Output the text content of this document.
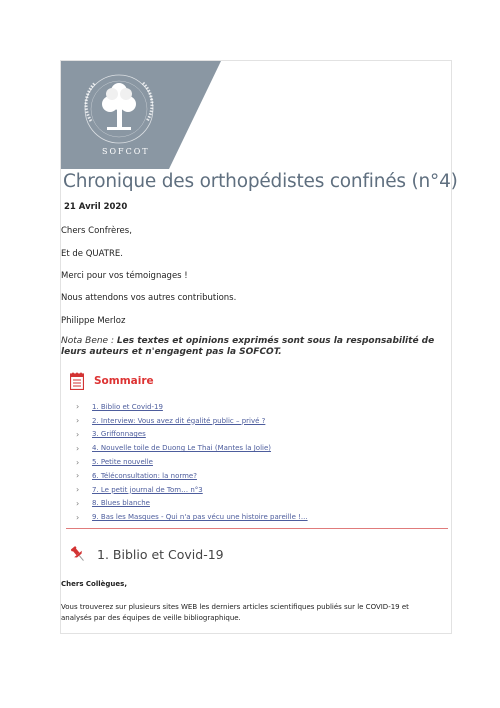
SOFCOT
Chronique des orthopédistes confinés (n°4)
21 Avril 2020
Chers Confrères,
Et de QUATRE.
Merci pour vos témoignages !
Nous attendons vos autres contributions.
Philippe Merloz
Nota Bene : Les textes et opinions exprimés sont sous la responsabilité de leurs auteurs et n'engagent pas la SOFCOT.
Sommaire
›	1. Biblio et Covid-19
›	2. Interview: Vous avez dit égalité public – privé ?
›	3. Griffonnages
›	4. Nouvelle toile de Duong Le Thai (Mantes la Jolie)
›	5. Petite nouvelle
›	6. Téléconsultation: la norme?
›	7. Le petit journal de Tom… n°3
›	8. Blues blanche
›	9. Bas les Masques - Qui n'a pas vécu une histoire pareille !...
1. Biblio et Covid-19
Chers Collègues,
Vous trouverez sur plusieurs sites WEB les derniers articles scientifiques publiés sur le COVID-19 et
analysés par des équipes de veille bibliographique.
